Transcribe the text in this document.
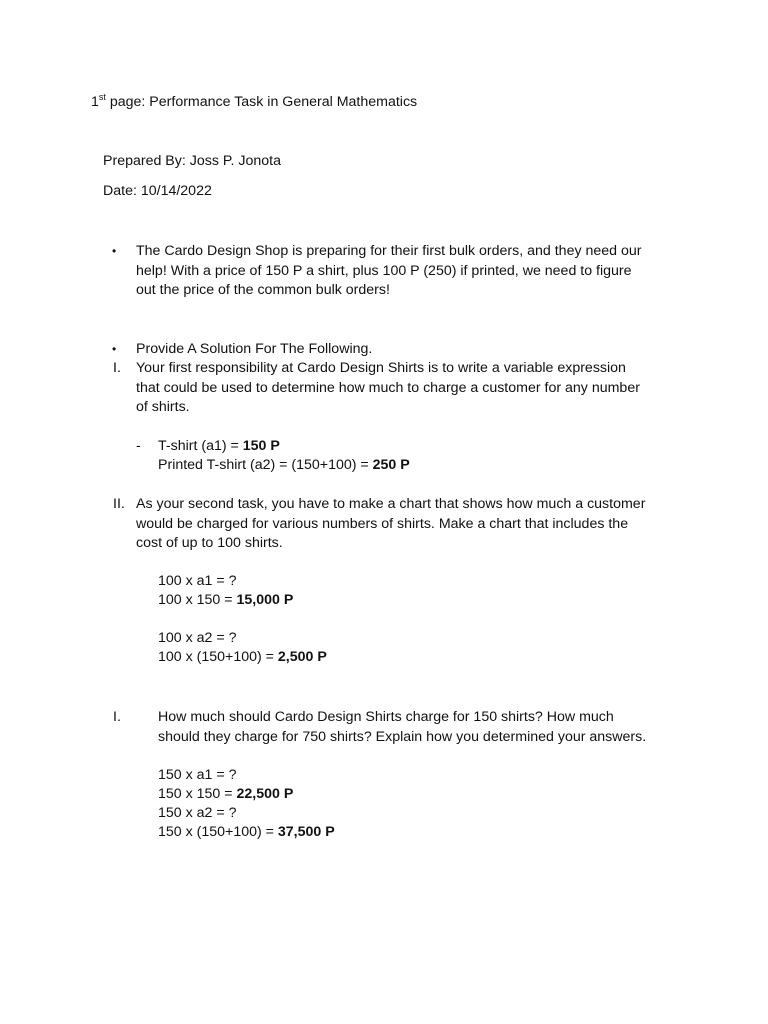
1st page: Performance Task in General Mathematics
Prepared By: Joss P. Jonota
Date: 10/14/2022
• The Cardo Design Shop is preparing for their first bulk orders, and they need our
help! With a price of 150 P a shirt, plus 100 P (250) if printed, we need to figure
out the price of the common bulk orders!
• Provide A Solution For The Following.
I. Your first responsibility at Cardo Design Shirts is to write a variable expression
that could be used to determine how much to charge a customer for any number
of shirts.
- T-shirt (a1) = 150 P
Printed T-shirt (a2) = (150+100) = 250 P
II. As your second task, you have to make a chart that shows how much a customer
would be charged for various numbers of shirts. Make a chart that includes the
cost of up to 100 shirts.
100 x a1 = ?
100 x 150 = 15,000 P
100 x a2 = ?
100 x (150+100) = 2,500 P
I.	How much should Cardo Design Shirts charge for 150 shirts? How much
should they charge for 750 shirts? Explain how you determined your answers.
150 x a1 = ?
150 x 150 = 22,500 P
150 x a2 = ?
150 x (150+100) = 37,500 P
